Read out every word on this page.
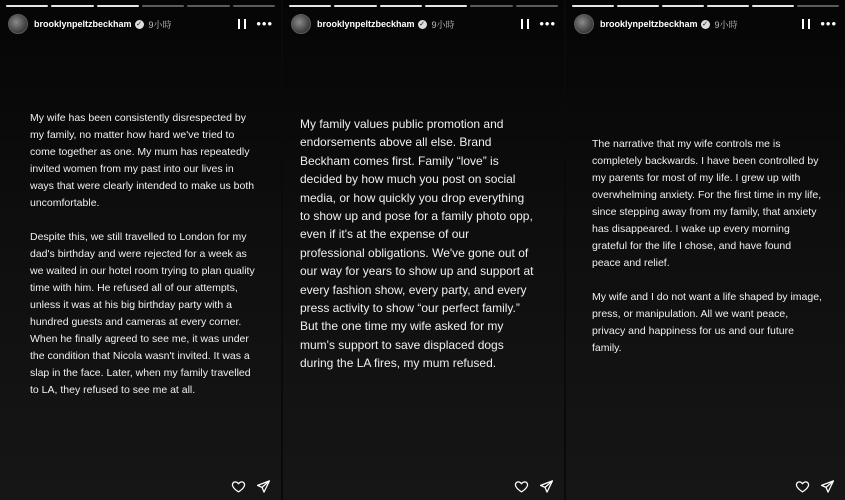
brooklynpeltzbeckham ✓ 9小時	•••
My wife has been consistently disrespected by my family, no matter how hard we've tried to come together as one. My mum has repeatedly invited women from my past into our lives in ways that were clearly intended to make us both uncomfortable.
Despite this, we still travelled to London for my dad's birthday and were rejected for a week as we waited in our hotel room trying to plan quality time with him. He refused all of our attempts, unless it was at his big birthday party with a hundred guests and cameras at every corner. When he finally agreed to see me, it was under the condition that Nicola wasn't invited. It was a slap in the face. Later, when my family travelled to LA, they refused to see me at all.
brooklynpeltzbeckham ✓ 9小時	•••
My family values public promotion and endorsements above all else. Brand Beckham comes first. Family “love” is decided by how much you post on social media, or how quickly you drop everything to show up and pose for a family photo opp, even if it's at the expense of our professional obligations. We've gone out of our way for years to show up and support at every fashion show, every party, and every press activity to show “our perfect family.” But the one time my wife asked for my mum's support to save displaced dogs during the LA fires, my mum refused.
brooklynpeltzbeckham ✓ 9小時	•••
The narrative that my wife controls me is completely backwards. I have been controlled by my parents for most of my life. I grew up with overwhelming anxiety. For the first time in my life, since stepping away from my family, that anxiety has disappeared. I wake up every morning grateful for the life I chose, and have found peace and relief.
My wife and I do not want a life shaped by image, press, or manipulation. All we want peace, privacy and happiness for us and our future family.
